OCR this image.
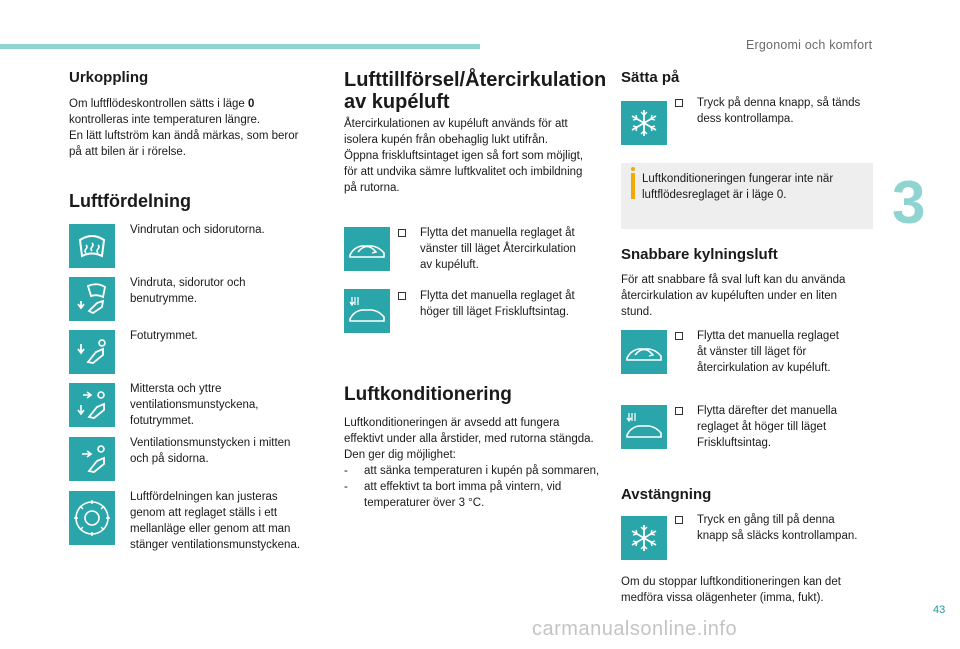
Ergonomi och komfort
3
43
carmanualsonline.info
Urkoppling
Om luftflödeskontrollen sätts i läge 0
kontrolleras inte temperaturen längre.
En lätt luftström kan ändå märkas, som beror
på att bilen är i rörelse.
Luftfördelning
Vindrutan och sidorutorna.
Vindruta, sidorutor och
benutrymme.
Fotutrymmet.
Mittersta och yttre
ventilationsmunstyckena,
fotutrymmet.
Ventilationsmunstycken i mitten
och på sidorna.
Luftfördelningen kan justeras
genom att reglaget ställs i ett
mellanläge eller genom att man
stänger ventilationsmunstyckena.
Lufttillförsel/Återcirkulation
av kupéluft
Återcirkulationen av kupéluft används för att
isolera kupén från obehaglig lukt utifrån.
Öppna friskluftsintaget igen så fort som möjligt,
för att undvika sämre luftkvalitet och imbildning
på rutorna.
Flytta det manuella reglaget åt
vänster till läget Återcirkulation
av kupéluft.
Flytta det manuella reglaget åt
höger till läget Friskluftsintag.
Luftkonditionering
Luftkonditioneringen är avsedd att fungera
effektivt under alla årstider, med rutorna stängda.
Den ger dig möjlighet:
- att sänka temperaturen i kupén på sommaren,
- att effektivt ta bort imma på vintern, vid
temperaturer över 3 °C.
Sätta på
Tryck på denna knapp, så tänds
dess kontrollampa.
Luftkonditioneringen fungerar inte när
luftflödesreglaget är i läge 0.
Snabbare kylningsluft
För att snabbare få sval luft kan du använda
återcirkulation av kupéluften under en liten
stund.
Flytta det manuella reglaget
åt vänster till läget för
återcirkulation av kupéluft.
Flytta därefter det manuella
reglaget åt höger till läget
Friskluftsintag.
Avstängning
Tryck en gång till på denna
knapp så släcks kontrollampan.
Om du stoppar luftkonditioneringen kan det
medföra vissa olägenheter (imma, fukt).
